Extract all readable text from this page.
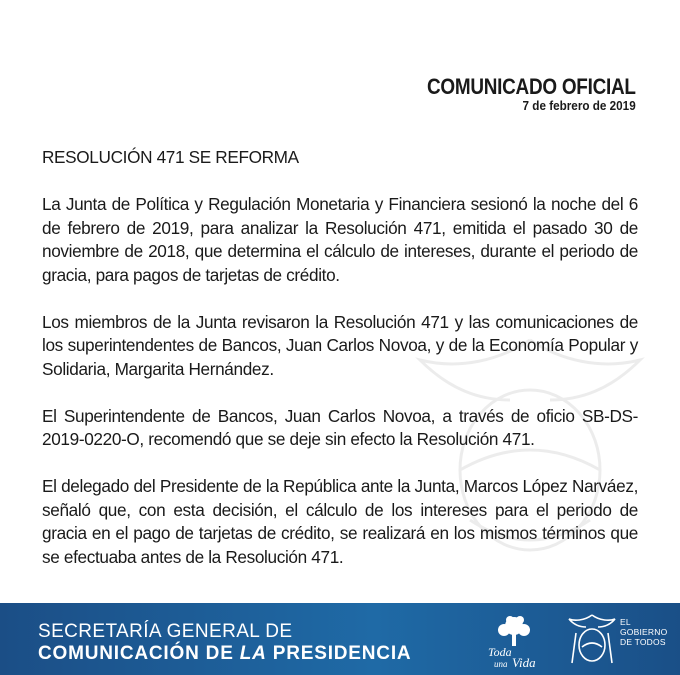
COMUNICADO OFICIAL
7 de febrero de 2019

RESOLUCIÓN 471 SE REFORMA

La Junta de Política y Regulación Monetaria y Financiera sesionó la noche del 6 de febrero de 2019, para analizar la Resolución 471, emitida el pasado 30 de noviembre de 2018, que determina el cálculo de intereses, durante el periodo de gracia, para pagos de tarjetas de crédito.

Los miembros de la Junta revisaron la Resolución 471 y las comunicaciones de los superintendentes de Bancos, Juan Carlos Novoa, y de la Economía Popular y Solidaria, Margarita Hernández.

El Superintendente de Bancos, Juan Carlos Novoa, a través de oficio SB-DS-2019-0220-O, recomendó que se deje sin efecto la Resolución 471.

El delegado del Presidente de la República ante la Junta, Marcos López Narváez, señaló que, con esta decisión, el cálculo de los intereses para el periodo de gracia en el pago de tarjetas de crédito, se realizará en los mismos términos que se efectuaba antes de la Resolución 471.

SECRETARÍA GENERAL DE
COMUNICACIÓN DE LA PRESIDENCIA	Toda
una Vida
EL
GOBIERNO
DE TODOS
